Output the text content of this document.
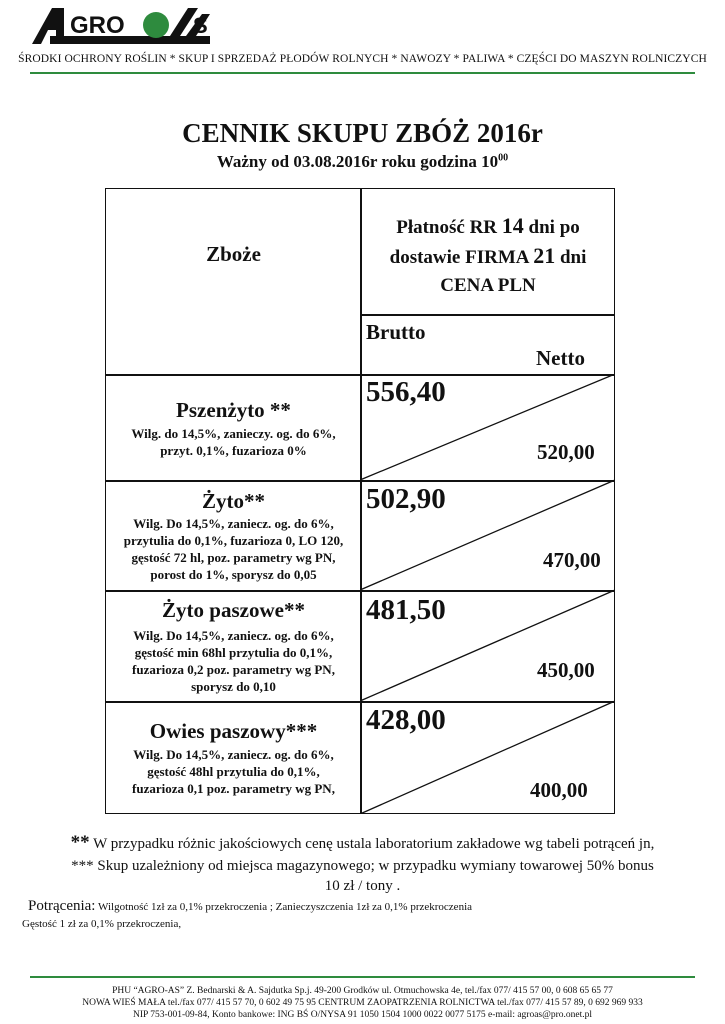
GRO	S
ŚRODKI OCHRONY ROŚLIN * SKUP I SPRZEDAŻ PŁODÓW ROLNYCH * NAWOZY * PALIWA * CZĘŚCI DO MASZYN ROLNICZYCH
CENNIK SKUPU ZBÓŻ 2016r
Ważny od 03.08.2016r roku godzina $10^{00}$
Zboże
Płatność RR 14 dni po
dostawie FIRMA 21 dni
CENA PLN
Brutto
Netto
Pszenżyto **
Wilg. do 14,5%, zanieczy. og. do 6%,
przyt. 0,1%, fuzarioza 0%
556,40
520,00
Żyto**
Wilg. Do 14,5%, zaniecz. og. do 6%,
przytulia do 0,1%, fuzarioza 0, LO 120,
gęstość 72 hl, poz. parametry wg PN,
porost do 1%, sporysz do 0,05
502,90
470,00
Żyto paszowe**
Wilg. Do 14,5%, zaniecz. og. do 6%,
gęstość min 68hl przytulia do 0,1%,
fuzarioza 0,2 poz. parametry wg PN,
sporysz do 0,10
481,50
450,00
Owies paszowy***
Wilg. Do 14,5%, zaniecz. og. do 6%,
gęstość 48hl przytulia do 0,1%,
fuzarioza 0,1 poz. parametry wg PN,
428,00
400,00
** W przypadku różnic jakościowych cenę ustala laboratorium zakładowe wg tabeli potrąceń jn,
*** Skup uzależniony od miejsca magazynowego; w przypadku wymiany towarowej 50% bonus
10 zł / tony .
Potrącenia: Wilgotność 1zł za 0,1% przekroczenia ; Zanieczyszczenia 1zł za 0,1% przekroczenia
Gęstość 1 zł za 0,1% przekroczenia,
PHU “AGRO-AS” Z. Bednarski & A. Sajdutka Sp.j. 49-200 Grodków ul. Otmuchowska 4e, tel./fax 077/ 415 57 00, 0 608 65 65 77
NOWA WIEŚ MAŁA tel./fax 077/ 415 57 70, 0 602 49 75 95 CENTRUM ZAOPATRZENIA ROLNICTWA tel./fax 077/ 415 57 89, 0 692 969 933
NIP 753-001-09-84, Konto bankowe: ING BŚ O/NYSA 91 1050 1504 1000 0022 0077 5175 e-mail: agroas@pro.onet.pl
